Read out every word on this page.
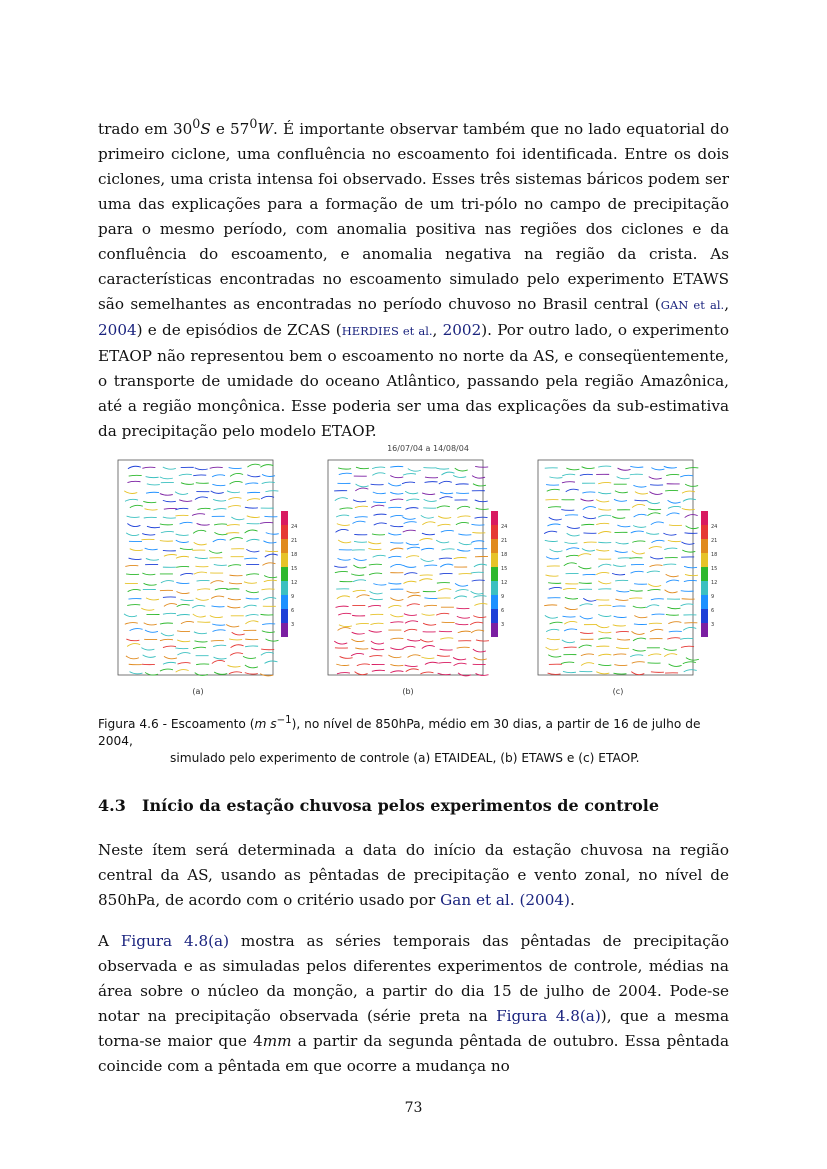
trado em $30^0S$ e $57^0W$. É importante observar também que no lado equatorial do primeiro ciclone, uma confluência no escoamento foi identificada. Entre os dois ciclones, uma crista intensa foi observado. Esses três sistemas báricos podem ser uma das explicações para a formação de um tri-pólo no campo de precipitação para o mesmo período, com anomalia positiva nas regiões dos ciclones e da confluência do escoamento, e anomalia negativa na região da crista. As características encontradas no escoamento simulado pelo experimento ETAWS são semelhantes as encontradas no período chuvoso no Brasil central (GAN et al., 2004) e de episódios de ZCAS (HERDIES et al., 2002). Por outro lado, o experimento ETAOP não representou bem o escoamento no norte da AS, e conseqüentemente, o transporte de umidade do oceano Atlântico, passando pela região Amazônica, até a região monçônica. Esse poderia ser uma das explicações da sub-estimativa da precipitação pelo modelo ETAOP.
16/07/04 a 14/08/04
3
6
9
12
15
18
21
24
(a)
3
6
9
12
15
18
21
24
(b)
3
6
9
12
15
18
21
24
(c)
Figura 4.6 - Escoamento (m $s^{-1}$), no nível de 850hPa, médio em 30 dias, a partir de 16 de julho de 2004,
simulado pelo experimento de controle (a) ETAIDEAL, (b) ETAWS e (c) ETAOP.
4.3 Início da estação chuvosa pelos experimentos de controle
Neste ítem será determinada a data do início da estação chuvosa na região central da AS, usando as pêntadas de precipitação e vento zonal, no nível de 850hPa, de acordo com o critério usado por Gan et al. (2004).
A Figura 4.8(a) mostra as séries temporais das pêntadas de precipitação observada e as simuladas pelos diferentes experimentos de controle, médias na área sobre o núcleo da monção, a partir do dia 15 de julho de 2004. Pode-se notar na precipitação observada (série preta na Figura 4.8(a)), que a mesma torna-se maior que 4mm a partir da segunda pêntada de outubro. Essa pêntada coincide com a pêntada em que ocorre a mudança no
73
